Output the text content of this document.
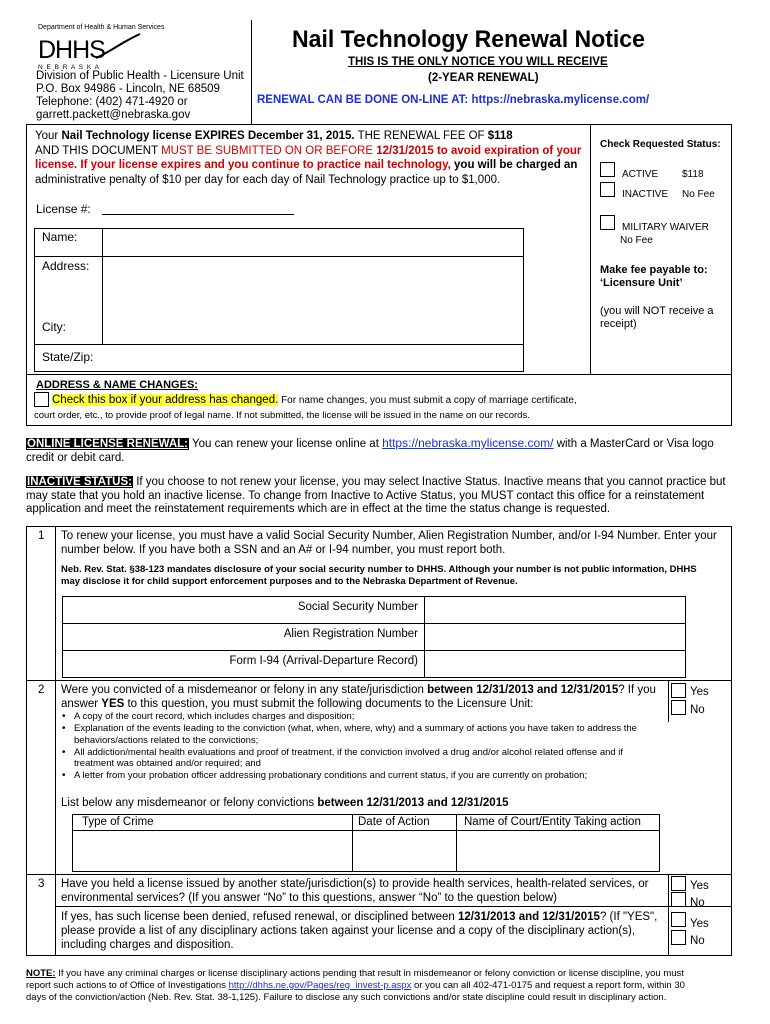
Department of Health & Human Services
DHHS
N E B R A S K A
Division of Public Health - Licensure Unit
P.O. Box 94986 - Lincoln, NE 68509
Telephone: (402) 471-4920 or
garrett.packett@nebraska.gov
Nail Technology Renewal Notice
THIS IS THE ONLY NOTICE YOU WILL RECEIVE
(2-YEAR RENEWAL)
RENEWAL CAN BE DONE ON-LINE AT: https://nebraska.mylicense.com/
Your Nail Technology license EXPIRES December 31, 2015. THE RENEWAL FEE OF $118
AND THIS DOCUMENT MUST BE SUBMITTED ON OR BEFORE 12/31/2015 to avoid expiration of your
license. If your license expires and you continue to practice nail technology, you will be charged an
administrative penalty of $10 per day for each day of Nail Technology practice up to $1,000.
License #:
Name:
Address:
City:
State/Zip:
Check Requested Status:
ACTIVE $118
INACTIVE No Fee
MILITARY WAIVER
No Fee
Make fee payable to:
‘Licensure Unit’
(you will NOT receive a
receipt)
ADDRESS & NAME CHANGES:
Check this box if your address has changed. For name changes, you must submit a copy of marriage certificate,
court order, etc., to provide proof of legal name. If not submitted, the license will be issued in the name on our records.
ONLINE LICENSE RENEWAL: You can renew your license online at https://nebraska.mylicense.com/ with a MasterCard or Visa logo
credit or debit card.
INACTIVE STATUS: If you choose to not renew your license, you may select Inactive Status. Inactive means that you cannot practice but
may state that you hold an inactive license. To change from Inactive to Active Status, you MUST contact this office for a reinstatement
application and meet the reinstatement requirements which are in effect at the time the status change is requested.
1 To renew your license, you must have a valid Social Security Number, Alien Registration Number, and/or I-94 Number. Enter your
number below. If you have both a SSN and an A# or I-94 number, you must report both.
Neb. Rev. Stat. §38-123 mandates disclosure of your social security number to DHHS. Although your number is not public information, DHHS
may disclose it for child support enforcement purposes and to the Nebraska Department of Revenue.
Social Security Number
Alien Registration Number
Form I-94 (Arrival-Departure Record)
2 Were you convicted of a misdemeanor or felony in any state/jurisdiction between 12/31/2013 and 12/31/2015? If you
answer YES to this question, you must submit the following documents to the Licensure Unit:
Yes
No
• A copy of the court record, which includes charges and disposition;
• Explanation of the events leading to the conviction (what, when, where, why) and a summary of actions you have taken to address the behaviors/actions related to the convictions;
• All addiction/mental health evaluations and proof of treatment, if the conviction involved a drug and/or alcohol related offense and if treatment was obtained and/or required; and
• A letter from your probation officer addressing probationary conditions and current status, if you are currently on probation;
List below any misdemeanor or felony convictions between 12/31/2013 and 12/31/2015
Type of Crime	Date of Action	Name of Court/Entity Taking action
3 Have you held a license issued by another state/jurisdiction(s) to provide health services, health-related services, or
environmental services? (If you answer “No” to this questions, answer “No” to the question below)
Yes
No
If yes, has such license been denied, refused renewal, or disciplined between 12/31/2013 and 12/31/2015? (If "YES",
please provide a list of any disciplinary actions taken against your license and a copy of the disciplinary action(s),
including charges and disposition.
Yes
No
NOTE: If you have any criminal charges or license disciplinary actions pending that result in misdemeanor or felony conviction or license discipline, you must
report such actions to of Office of Investigations http://dhhs.ne.gov/Pages/reg_invest-p.aspx or you can all 402-471-0175 and request a report form, within 30
days of the conviction/action (Neb. Rev. Stat. 38-1,125). Failure to disclose any such convictions and/or state discipline could result in disciplinary action.
